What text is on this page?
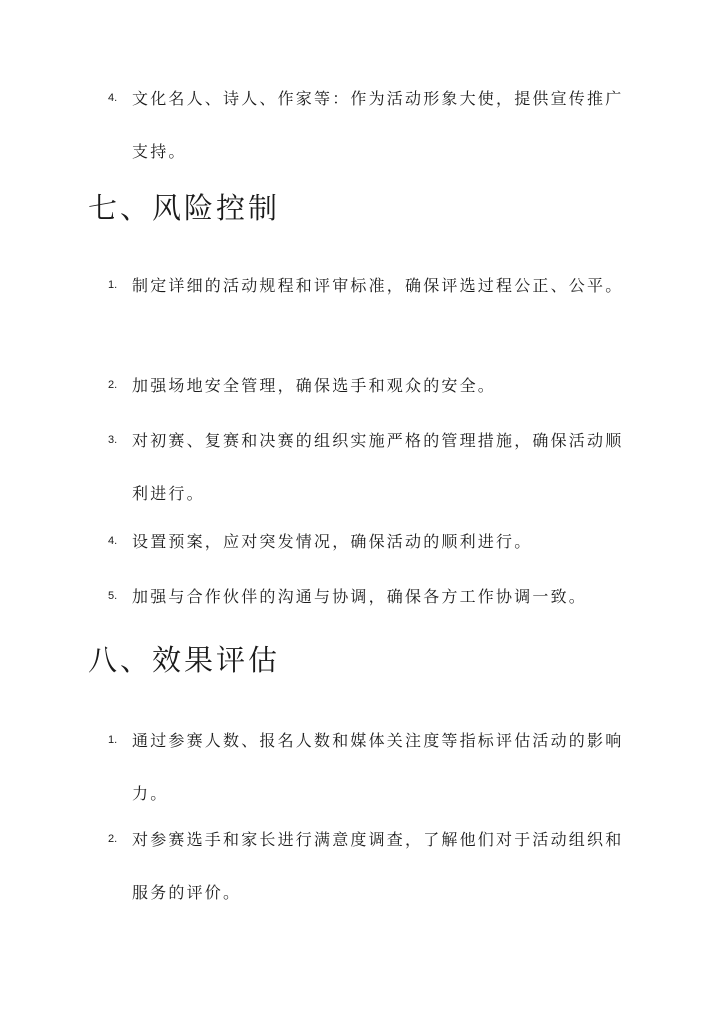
4. 文化名人、诗人、作家等：作为活动形象大使，提供宣传推广支持。
七、风险控制
1. 制定详细的活动规程和评审标准，确保评选过程公正、公平。
2. 加强场地安全管理，确保选手和观众的安全。
3. 对初赛、复赛和决赛的组织实施严格的管理措施，确保活动顺利进行。
4. 设置预案，应对突发情况，确保活动的顺利进行。
5. 加强与合作伙伴的沟通与协调，确保各方工作协调一致。
八、效果评估
1. 通过参赛人数、报名人数和媒体关注度等指标评估活动的影响力。
2. 对参赛选手和家长进行满意度调查，了解他们对于活动组织和服务的评价。
